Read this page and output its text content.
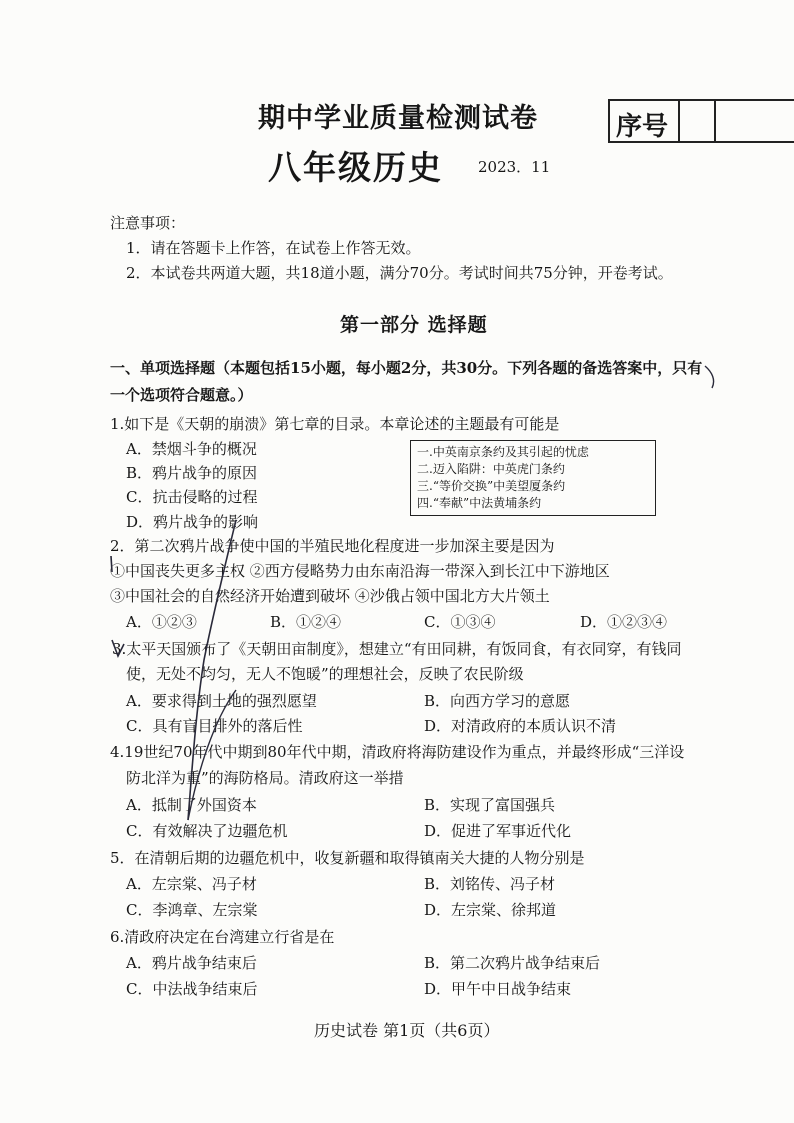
期中学业质量检测试卷
八年级历史 2023．11
序号
注意事项：
1．请在答题卡上作答，在试卷上作答无效。
2．本试卷共两道大题，共18道小题，满分70分。考试时间共75分钟，开卷考试。
第一部分 选择题
一、单项选择题（本题包括15小题，每小题2分，共30分。下列各题的备选答案中，只有
一个选项符合题意。）
1.如下是《天朝的崩溃》第七章的目录。本章论述的主题最有可能是
A．禁烟斗争的概况
B．鸦片战争的原因
C．抗击侵略的过程
D．鸦片战争的影响
一.中英南京条约及其引起的忧虑
二.迈入陷阱：中英虎门条约
三.“等价交换”中美望厦条约
四.“奉献”中法黄埔条约
2．第二次鸦片战争使中国的半殖民地化程度进一步加深主要是因为
①中国丧失更多主权 ②西方侵略势力由东南沿海一带深入到长江中下游地区
③中国社会的自然经济开始遭到破坏 ④沙俄占领中国北方大片领土
A．①②③	B．①②④	C．①③④	D．①②③④
3.太平天国颁布了《天朝田亩制度》，想建立“有田同耕，有饭同食，有衣同穿，有钱同
使，无处不均匀，无人不饱暖”的理想社会，反映了农民阶级
A．要求得到土地的强烈愿望	B．向西方学习的意愿
C．具有盲目排外的落后性	D．对清政府的本质认识不清
4.19世纪70年代中期到80年代中期，清政府将海防建设作为重点，并最终形成“三洋设
防北洋为重”的海防格局。清政府这一举措
A．抵制了外国资本	B．实现了富国强兵
C．有效解决了边疆危机	D．促进了军事近代化
5．在清朝后期的边疆危机中，收复新疆和取得镇南关大捷的人物分别是
A．左宗棠、冯子材	B．刘铭传、冯子材
C．李鸿章、左宗棠	D．左宗棠、徐邦道
6.清政府决定在台湾建立行省是在
A．鸦片战争结束后	B．第二次鸦片战争结束后
C．中法战争结束后	D．甲午中日战争结束
历史试卷 第1页（共6页）
